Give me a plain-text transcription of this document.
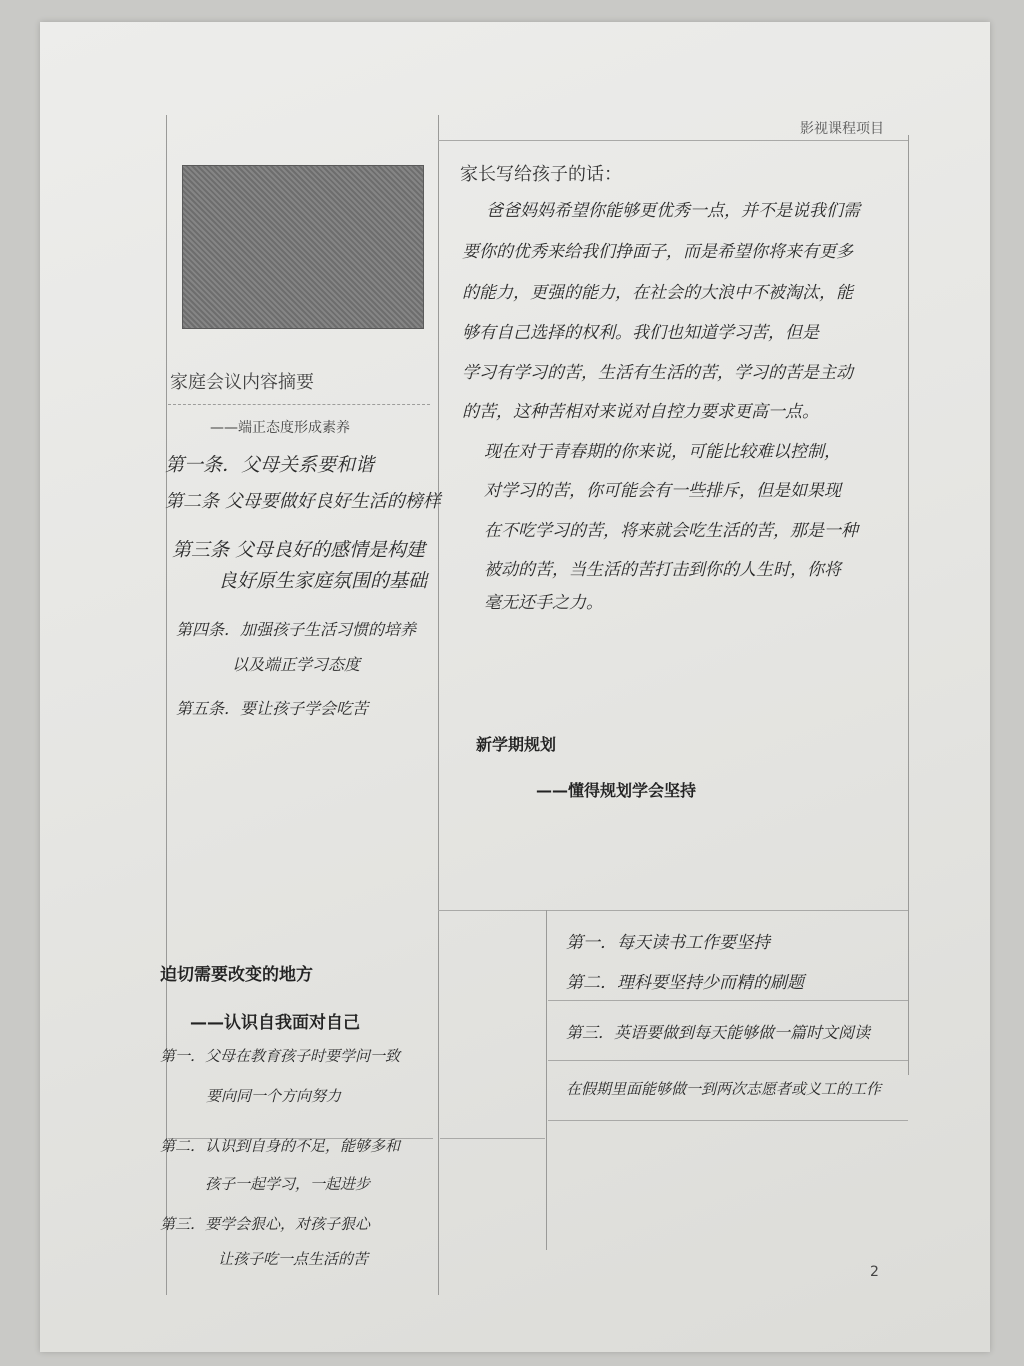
影视课程项目
家庭会议内容摘要
——端正态度形成素养
第一条．父母关系要和谐
第二条 父母要做好良好生活的榜样
第三条 父母良好的感情是构建
良好原生家庭氛围的基础
第四条．加强孩子生活习惯的培养
以及端正学习态度
第五条．要让孩子学会吃苦
迫切需要改变的地方
——认识自我面对自己
第一．父母在教育孩子时要学问一致
要向同一个方向努力
第二．认识到自身的不足，能够多和
孩子一起学习，一起进步
第三．要学会狠心，对孩子狠心
让孩子吃一点生活的苦
家长写给孩子的话：
爸爸妈妈希望你能够更优秀一点，并不是说我们需
要你的优秀来给我们挣面子，而是希望你将来有更多
的能力，更强的能力，在社会的大浪中不被淘汰，能
够有自己选择的权利。我们也知道学习苦，但是
学习有学习的苦，生活有生活的苦，学习的苦是主动
的苦，这种苦相对来说对自控力要求更高一点。
现在对于青春期的你来说，可能比较难以控制，
对学习的苦，你可能会有一些排斥，但是如果现
在不吃学习的苦，将来就会吃生活的苦，那是一种
被动的苦，当生活的苦打击到你的人生时，你将
毫无还手之力。
新学期规划
——懂得规划学会坚持
第一．每天读书工作要坚持
第二．理科要坚持少而精的刷题
第三．英语要做到每天能够做一篇时文阅读
在假期里面能够做一到两次志愿者或义工的工作
2
